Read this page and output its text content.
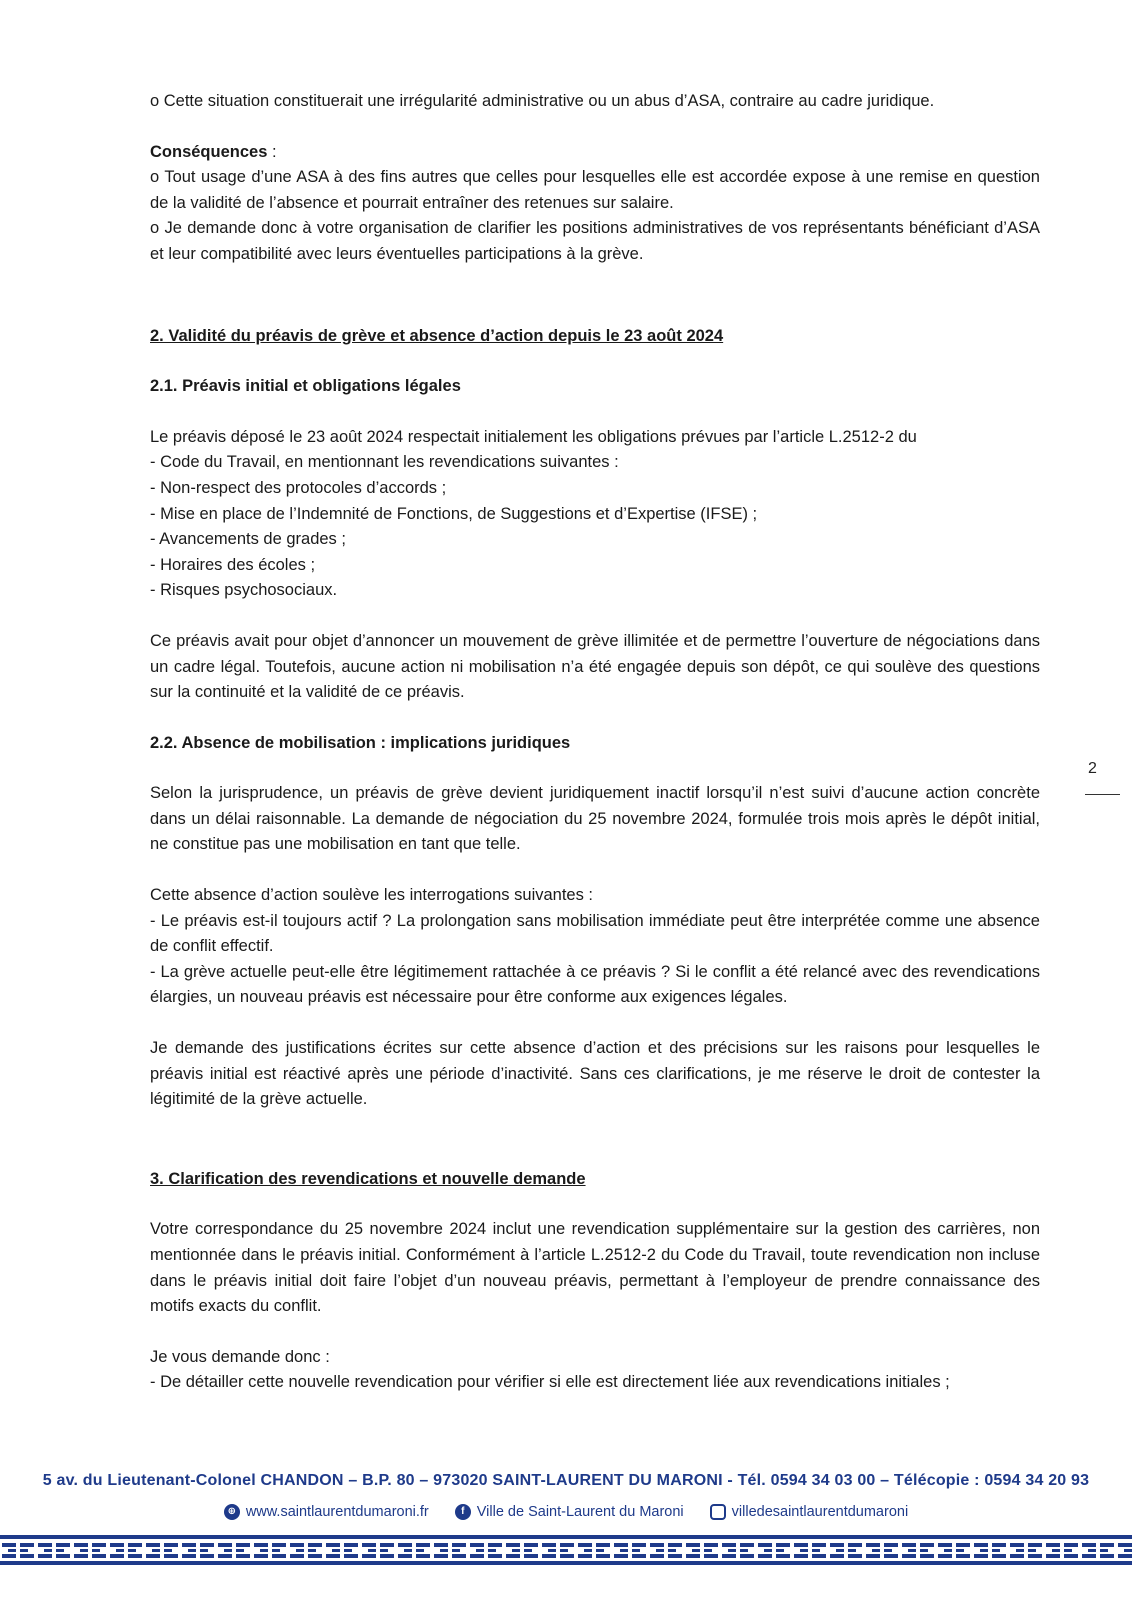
o Cette situation constituerait une irrégularité administrative ou un abus d’ASA, contraire au cadre juridique.

Conséquences :

o Tout usage d’une ASA à des fins autres que celles pour lesquelles elle est accordée expose à une remise en question de la validité de l’absence et pourrait entraîner des retenues sur salaire.

o Je demande donc à votre organisation de clarifier les positions administratives de vos représentants bénéficiant d’ASA et leur compatibilité avec leurs éventuelles participations à la grève.

2. Validité du préavis de grève et absence d’action depuis le 23 août 2024

2.1. Préavis initial et obligations légales

Le préavis déposé le 23 août 2024 respectait initialement les obligations prévues par l’article L.2512-2 du

- Code du Travail, en mentionnant les revendications suivantes :

- Non-respect des protocoles d’accords ;

- Mise en place de l’Indemnité de Fonctions, de Suggestions et d’Expertise (IFSE) ;

- Avancements de grades ;

- Horaires des écoles ;

- Risques psychosociaux.

Ce préavis avait pour objet d’annoncer un mouvement de grève illimitée et de permettre l’ouverture de négociations dans un cadre légal. Toutefois, aucune action ni mobilisation n’a été engagée depuis son dépôt, ce qui soulève des questions sur la continuité et la validité de ce préavis.

2.2. Absence de mobilisation : implications juridiques

Selon la jurisprudence, un préavis de grève devient juridiquement inactif lorsqu’il n’est suivi d’aucune action concrète dans un délai raisonnable. La demande de négociation du 25 novembre 2024, formulée trois mois après le dépôt initial, ne constitue pas une mobilisation en tant que telle.

Cette absence d’action soulève les interrogations suivantes :

- Le préavis est-il toujours actif ? La prolongation sans mobilisation immédiate peut être interprétée comme une absence de conflit effectif.

- La grève actuelle peut-elle être légitimement rattachée à ce préavis ? Si le conflit a été relancé avec des revendications élargies, un nouveau préavis est nécessaire pour être conforme aux exigences légales.

Je demande des justifications écrites sur cette absence d’action et des précisions sur les raisons pour lesquelles le préavis initial est réactivé après une période d’inactivité. Sans ces clarifications, je me réserve le droit de contester la légitimité de la grève actuelle.

3. Clarification des revendications et nouvelle demande

Votre correspondance du 25 novembre 2024 inclut une revendication supplémentaire sur la gestion des carrières, non mentionnée dans le préavis initial. Conformément à l’article L.2512-2 du Code du Travail, toute revendication non incluse dans le préavis initial doit faire l’objet d’un nouveau préavis, permettant à l’employeur de prendre connaissance des motifs exacts du conflit.

Je vous demande donc :

- De détailler cette nouvelle revendication pour vérifier si elle est directement liée aux revendications initiales ;

2
5 av. du Lieutenant-Colonel CHANDON – B.P. 80 – 973020 SAINT-LAURENT DU MARONI - Tél. 0594 34 03 00 – Télécopie : 0594 34 20 93
⊕ www.saintlaurentdumaroni.fr	f Ville de Saint-Laurent du Maroni	villedesaintlaurentdumaroni
